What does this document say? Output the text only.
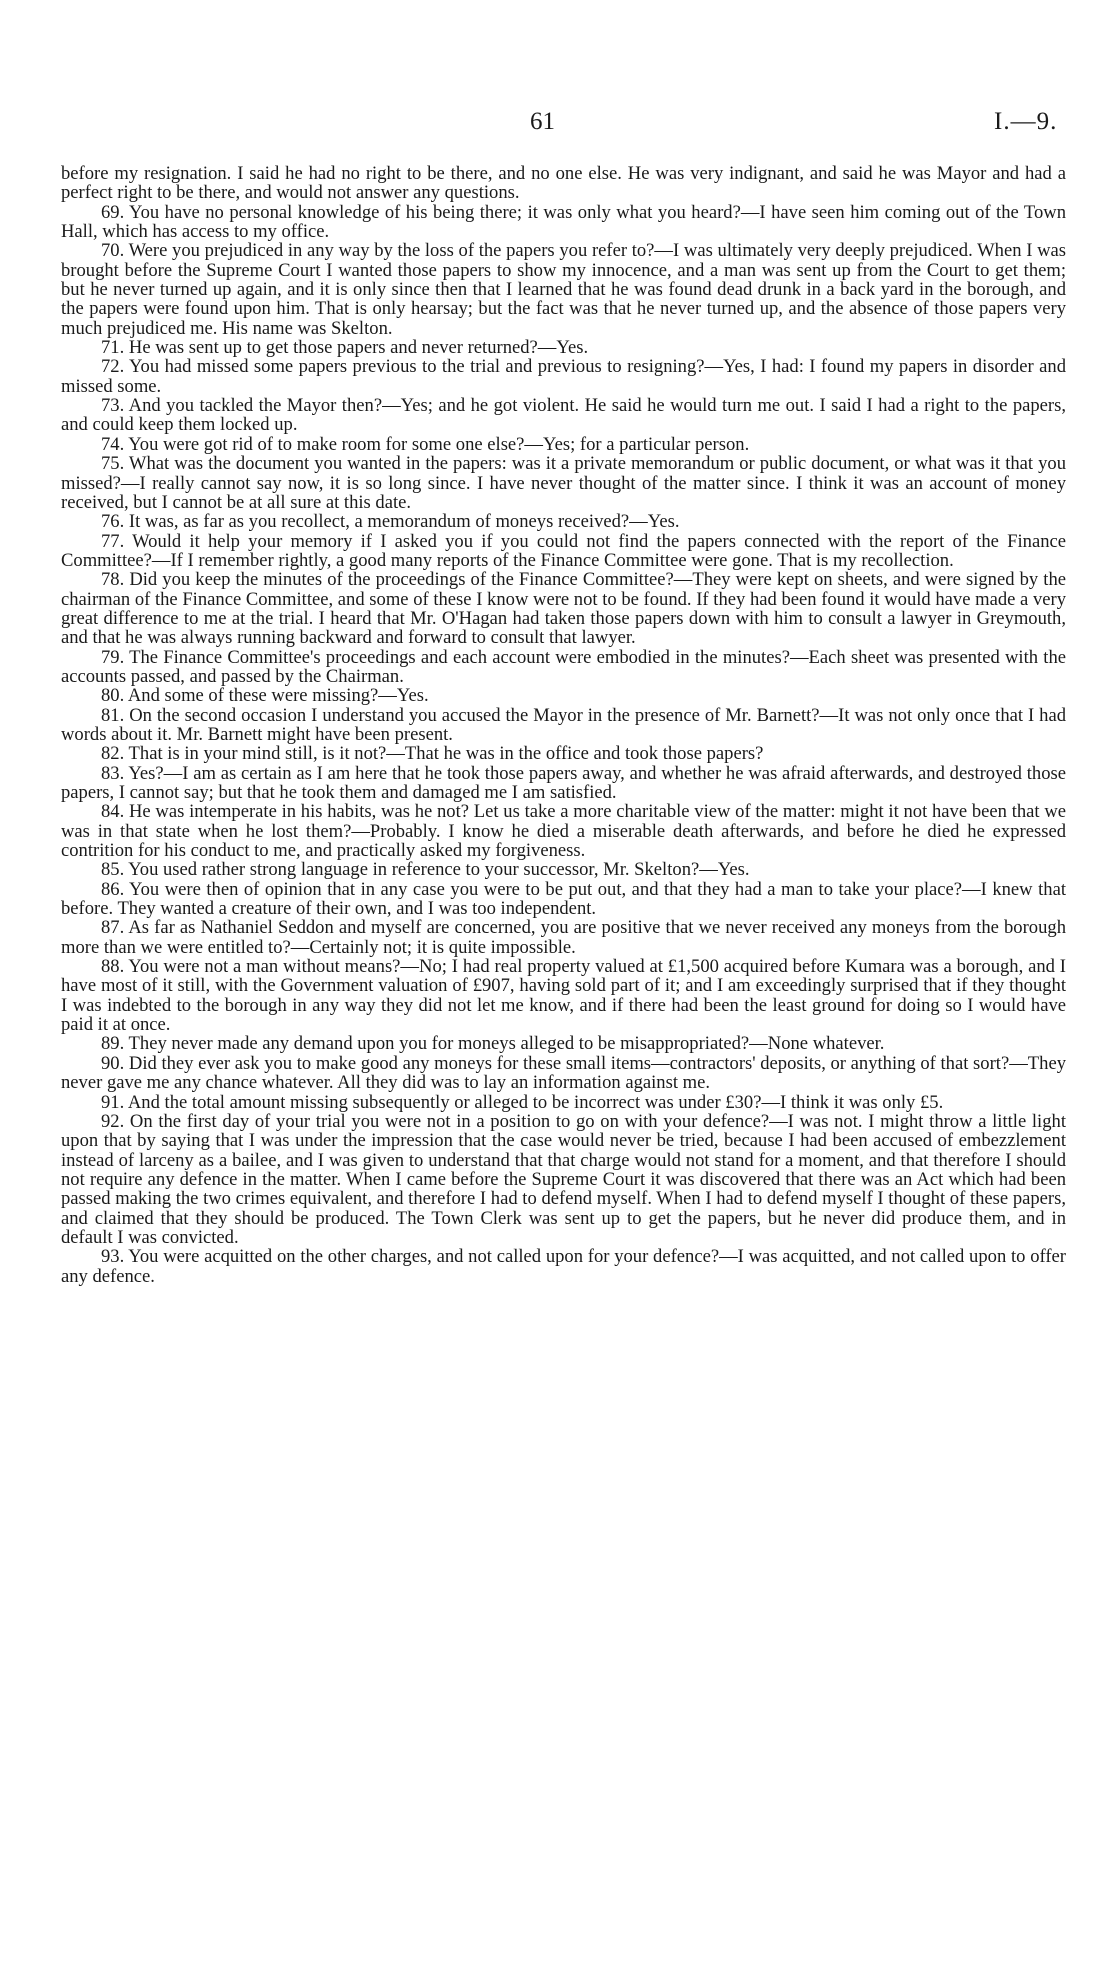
61	I.—9.

before my resignation. I said he had no right to be there, and no one else. He was very indignant, and said he was Mayor and had a perfect right to be there, and would not answer any questions.

69. You have no personal knowledge of his being there; it was only what you heard?—I have seen him coming out of the Town Hall, which has access to my office.

70. Were you prejudiced in any way by the loss of the papers you refer to?—I was ultimately very deeply prejudiced. When I was brought before the Supreme Court I wanted those papers to show my innocence, and a man was sent up from the Court to get them; but he never turned up again, and it is only since then that I learned that he was found dead drunk in a back yard in the borough, and the papers were found upon him. That is only hearsay; but the fact was that he never turned up, and the absence of those papers very much prejudiced me. His name was Skelton.

71. He was sent up to get those papers and never returned?—Yes.

72. You had missed some papers previous to the trial and previous to resigning?—Yes, I had: I found my papers in disorder and missed some.

73. And you tackled the Mayor then?—Yes; and he got violent. He said he would turn me out. I said I had a right to the papers, and could keep them locked up.

74. You were got rid of to make room for some one else?—Yes; for a particular person.

75. What was the document you wanted in the papers: was it a private memorandum or public document, or what was it that you missed?—I really cannot say now, it is so long since. I have never thought of the matter since. I think it was an account of money received, but I cannot be at all sure at this date.

76. It was, as far as you recollect, a memorandum of moneys received?—Yes.

77. Would it help your memory if I asked you if you could not find the papers connected with the report of the Finance Committee?—If I remember rightly, a good many reports of the Finance Committee were gone. That is my recollection.

78. Did you keep the minutes of the proceedings of the Finance Committee?—They were kept on sheets, and were signed by the chairman of the Finance Committee, and some of these I know were not to be found. If they had been found it would have made a very great difference to me at the trial. I heard that Mr. O'Hagan had taken those papers down with him to consult a lawyer in Greymouth, and that he was always running backward and forward to consult that lawyer.

79. The Finance Committee's proceedings and each account were embodied in the minutes?—Each sheet was presented with the accounts passed, and passed by the Chairman.

80. And some of these were missing?—Yes.

81. On the second occasion I understand you accused the Mayor in the presence of Mr. Barnett?—It was not only once that I had words about it. Mr. Barnett might have been present.

82. That is in your mind still, is it not?—That he was in the office and took those papers?

83. Yes?—I am as certain as I am here that he took those papers away, and whether he was afraid afterwards, and destroyed those papers, I cannot say; but that he took them and damaged me I am satisfied.

84. He was intemperate in his habits, was he not? Let us take a more charitable view of the matter: might it not have been that we was in that state when he lost them?—Probably. I know he died a miserable death afterwards, and before he died he expressed contrition for his conduct to me, and practically asked my forgiveness.

85. You used rather strong language in reference to your successor, Mr. Skelton?—Yes.

86. You were then of opinion that in any case you were to be put out, and that they had a man to take your place?—I knew that before. They wanted a creature of their own, and I was too independent.

87. As far as Nathaniel Seddon and myself are concerned, you are positive that we never received any moneys from the borough more than we were entitled to?—Certainly not; it is quite impossible.

88. You were not a man without means?—No; I had real property valued at £1,500 acquired before Kumara was a borough, and I have most of it still, with the Government valuation of £907, having sold part of it; and I am exceedingly surprised that if they thought I was indebted to the borough in any way they did not let me know, and if there had been the least ground for doing so I would have paid it at once.

89. They never made any demand upon you for moneys alleged to be misappropriated?—None whatever.

90. Did they ever ask you to make good any moneys for these small items—contractors' deposits, or anything of that sort?—They never gave me any chance whatever. All they did was to lay an information against me.

91. And the total amount missing subsequently or alleged to be incorrect was under £30?—I think it was only £5.

92. On the first day of your trial you were not in a position to go on with your defence?—I was not. I might throw a little light upon that by saying that I was under the impression that the case would never be tried, because I had been accused of embezzlement instead of larceny as a bailee, and I was given to understand that that charge would not stand for a moment, and that therefore I should not require any defence in the matter. When I came before the Supreme Court it was discovered that there was an Act which had been passed making the two crimes equivalent, and therefore I had to defend myself. When I had to defend myself I thought of these papers, and claimed that they should be produced. The Town Clerk was sent up to get the papers, but he never did produce them, and in default I was convicted.

93. You were acquitted on the other charges, and not called upon for your defence?—I was acquitted, and not called upon to offer any defence.
